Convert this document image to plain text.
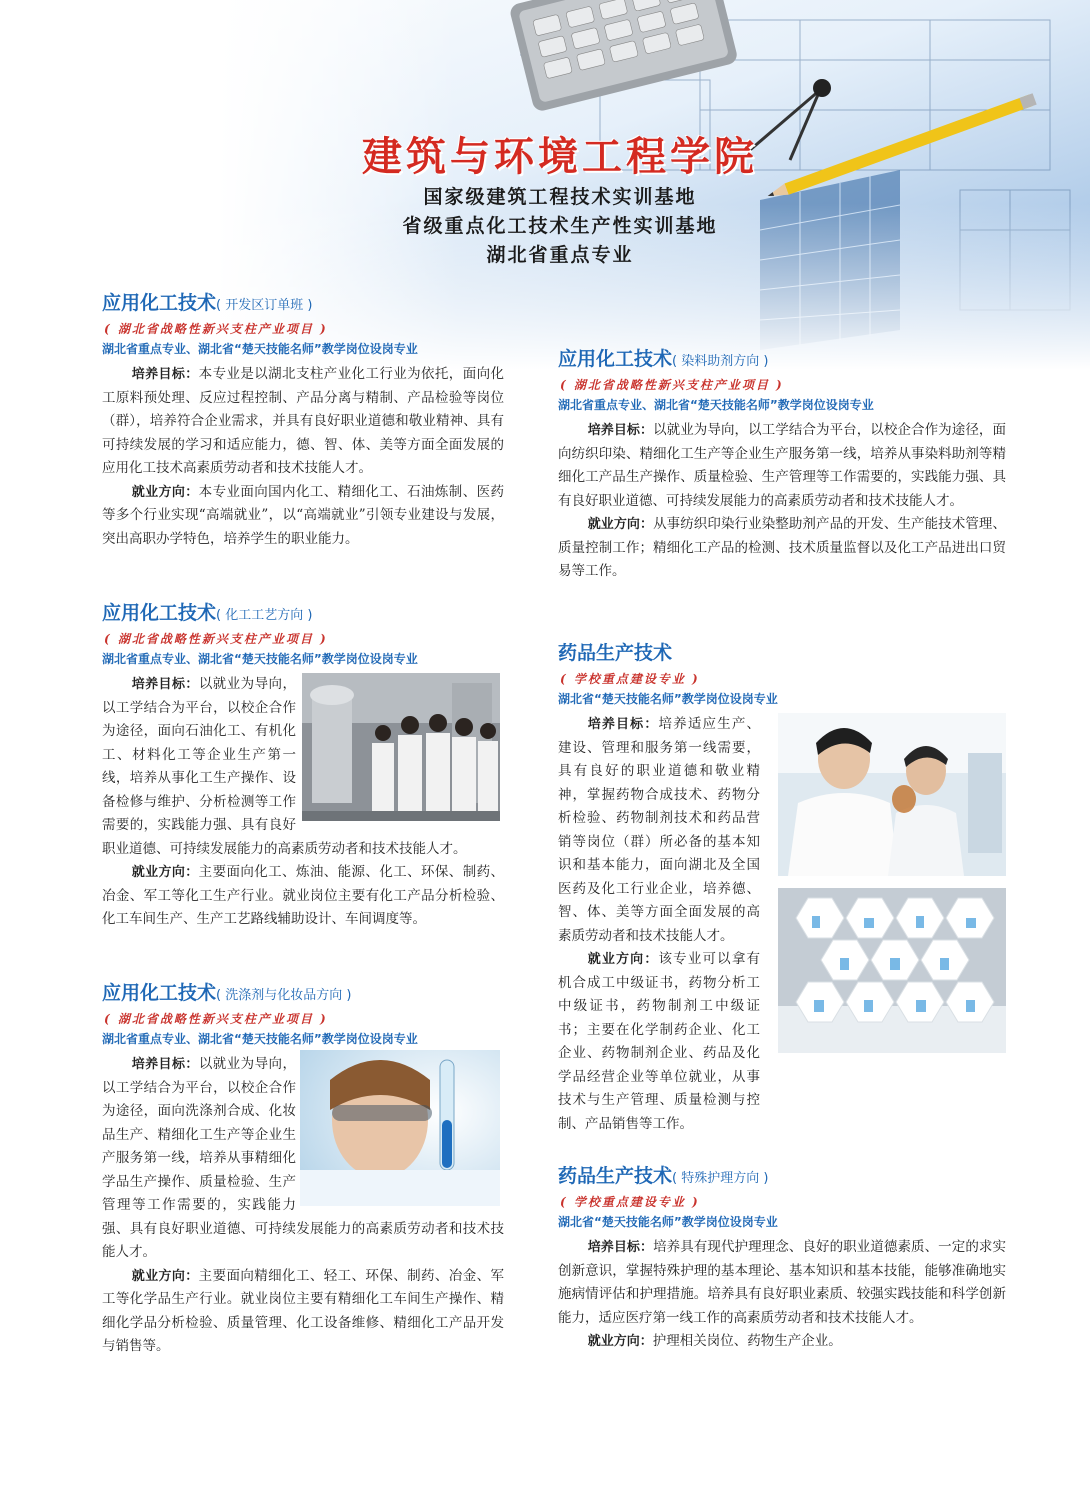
建筑与环境工程学院
国家级建筑工程技术实训基地
省级重点化工技术生产性实训基地
湖北省重点专业
应用化工技术( 开发区订单班 )
( 湖北省战略性新兴支柱产业项目 )
湖北省重点专业、湖北省“楚天技能名师”教学岗位设岗专业

培养目标：本专业是以湖北支柱产业化工行业为依托，面向化工原料预处理、反应过程控制、产品分离与精制、产品检验等岗位（群），培养符合企业需求，并具有良好职业道德和敬业精神、具有可持续发展的学习和适应能力，德、智、体、美等方面全面发展的应用化工技术高素质劳动者和技术技能人才。

就业方向：本专业面向国内化工、精细化工、石油炼制、医药等多个行业实现“高端就业”，以“高端就业”引领专业建设与发展，突出高职办学特色，培养学生的职业能力。

应用化工技术( 化工工艺方向 )
( 湖北省战略性新兴支柱产业项目 )
湖北省重点专业、湖北省“楚天技能名师”教学岗位设岗专业

培养目标：以就业为导向，以工学结合为平台，以校企合作为途径，面向石油化工、有机化工、材料化工等企业生产第一线，培养从事化工生产操作、设备检修与维护、分析检测等工作需要的，实践能力强、具有良好职业道德、可持续发展能力的高素质劳动者和技术技能人才。

就业方向：主要面向化工、炼油、能源、化工、环保、制药、冶金、军工等化工生产行业。就业岗位主要有化工产品分析检验、化工车间生产、生产工艺路线辅助设计、车间调度等。

应用化工技术( 洗涤剂与化妆品方向 )
( 湖北省战略性新兴支柱产业项目 )
湖北省重点专业、湖北省“楚天技能名师”教学岗位设岗专业

培养目标：以就业为导向，以工学结合为平台，以校企合作为途径，面向洗涤剂合成、化妆品生产、精细化工生产等企业生产服务第一线，培养从事精细化学品生产操作、质量检验、生产管理等工作需要的，实践能力强、具有良好职业道德、可持续发展能力的高素质劳动者和技术技能人才。

就业方向：主要面向精细化工、轻工、环保、制药、冶金、军工等化学品生产行业。就业岗位主要有精细化工车间生产操作、精细化学品分析检验、质量管理、化工设备维修、精细化工产品开发与销售等。

应用化工技术( 染料助剂方向 )
( 湖北省战略性新兴支柱产业项目 )
湖北省重点专业、湖北省“楚天技能名师”教学岗位设岗专业

培养目标：以就业为导向，以工学结合为平台，以校企合作为途径，面向纺织印染、精细化工生产等企业生产服务第一线，培养从事染料助剂等精细化工产品生产操作、质量检验、生产管理等工作需要的，实践能力强、具有良好职业道德、可持续发展能力的高素质劳动者和技术技能人才。

就业方向：从事纺织印染行业染整助剂产品的开发、生产能技术管理、质量控制工作；精细化工产品的检测、技术质量监督以及化工产品进出口贸易等工作。

药品生产技术
( 学校重点建设专业 )
湖北省“楚天技能名师”教学岗位设岗专业

培养目标：培养适应生产、建设、管理和服务第一线需要，具有良好的职业道德和敬业精神，掌握药物合成技术、药物分析检验、药物制剂技术和药品营销等岗位（群）所必备的基本知识和基本能力，面向湖北及全国医药及化工行业企业，培养德、智、体、美等方面全面发展的高素质劳动者和技术技能人才。

就业方向：该专业可以拿有机合成工中级证书，药物分析工中级证书，药物制剂工中级证书；主要在化学制药企业、化工企业、药物制剂企业、药品及化学品经营企业等单位就业，从事技术与生产管理、质量检测与控制、产品销售等工作。

药品生产技术( 特殊护理方向 )
( 学校重点建设专业 )
湖北省“楚天技能名师”教学岗位设岗专业

培养目标：培养具有现代护理理念、良好的职业道德素质、一定的求实创新意识，掌握特殊护理的基本理论、基本知识和基本技能，能够准确地实施病情评估和护理措施。培养具有良好职业素质、较强实践技能和科学创新能力，适应医疗第一线工作的高素质劳动者和技术技能人才。

就业方向：护理相关岗位、药物生产企业。
